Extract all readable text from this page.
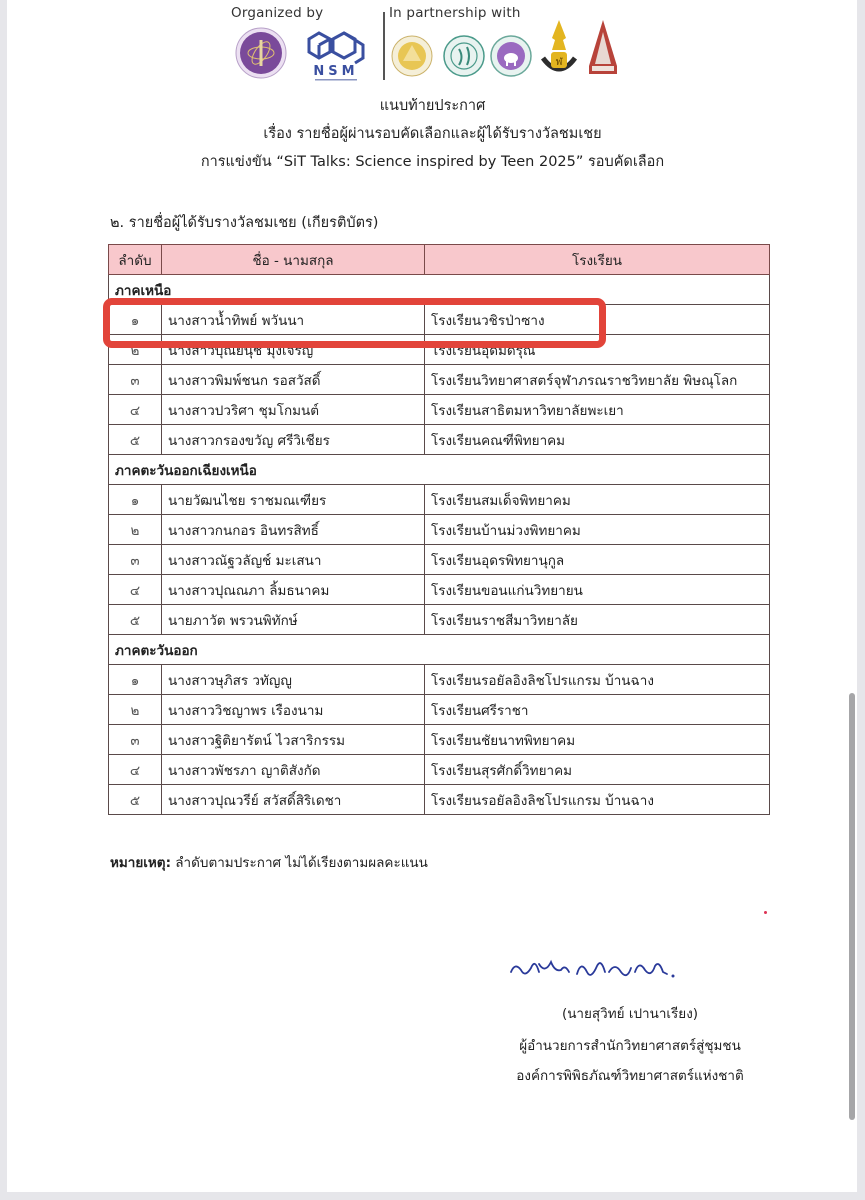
Organized by	In partnership with
NSM
ฬ
แนบท้ายประกาศ
เรื่อง รายชื่อผู้ผ่านรอบคัดเลือกและผู้ได้รับรางวัลชมเชย
การแข่งขัน “SiT Talks: Science inspired by Teen 2025” รอบคัดเลือก
๒. รายชื่อผู้ได้รับรางวัลชมเชย (เกียรติบัตร)
ลำดับ	ชื่อ - นามสกุล	โรงเรียน
ภาคเหนือ		
๑	นางสาวน้ำทิพย์ พวันนา	โรงเรียนวชิรป่าซาง
๒	นางสาวบุณยนุช มุ่งเจริญ	โรงเรียนอุดมดรุณี
๓	นางสาวพิมพ์ชนก รอสวัสดิ์	โรงเรียนวิทยาศาสตร์จุฬาภรณราชวิทยาลัย พิษณุโลก
๔	นางสาวปวริศา ชุมโกมนต์	โรงเรียนสาธิตมหาวิทยาลัยพะเยา
๕	นางสาวกรองขวัญ ศรีวิเชียร	โรงเรียนคณฑีพิทยาคม
ภาคตะวันออกเฉียงเหนือ		
๑	นายวัฒนไชย ราชมณเฑียร	โรงเรียนสมเด็จพิทยาคม
๒	นางสาวกนกอร อินทรสิทธิ์	โรงเรียนบ้านม่วงพิทยาคม
๓	นางสาวณัฐวลัญช์ มะเสนา	โรงเรียนอุดรพิทยานุกูล
๔	นางสาวปุณณภา ลิ้มธนาคม	โรงเรียนขอนแก่นวิทยายน
๕	นายภาวัต พรวนพิทักษ์	โรงเรียนราชสีมาวิทยาลัย
ภาคตะวันออก		
๑	นางสาวษุภิสร วทัญญู	โรงเรียนรอยัลอิงลิชโปรแกรม บ้านฉาง
๒	นางสาววิชญาพร เรืองนาม	โรงเรียนศรีราชา
๓	นางสาวฐิติยารัตน์ ไวสาริกรรม	โรงเรียนชัยนาทพิทยาคม
๔	นางสาวพัชรภา ญาติสังกัด	โรงเรียนสุรศักดิ์วิทยาคม
๕	นางสาวปุณวรีย์ สวัสดิ์สิริเดชา	โรงเรียนรอยัลอิงลิชโปรแกรม บ้านฉาง
หมายเหตุ: ลำดับตามประกาศ ไม่ได้เรียงตามผลคะแนน
(นายสุวิทย์ เปานาเรียง)
ผู้อำนวยการสำนักวิทยาศาสตร์สู่ชุมชน
องค์การพิพิธภัณฑ์วิทยาศาสตร์แห่งชาติ
